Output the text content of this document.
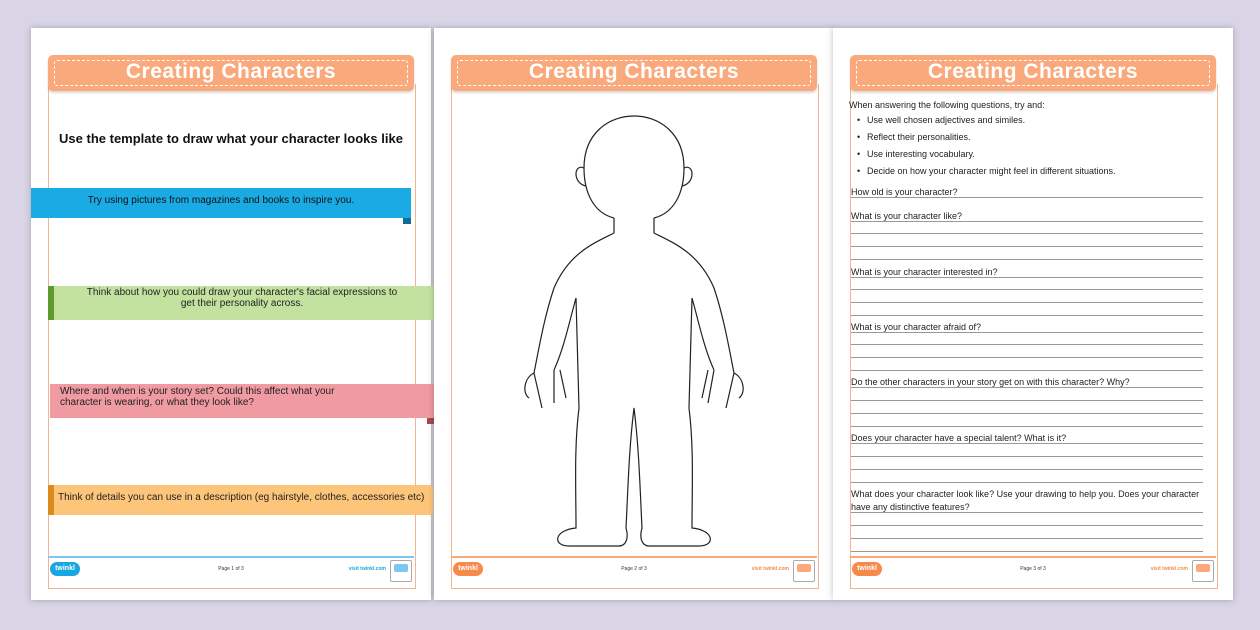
Creating Characters
Use the template to draw what your character looks like
Try using pictures from magazines and books to inspire you.
Think about how you could draw your character's facial expressions to get their personality across.
Where and when is your story set? Could this affect what your character is wearing, or what they look like?
Think of details you can use in a description (eg hairstyle, clothes, accessories etc)
twinkl	Page 1 of 3	visit twinkl.com
Creating Characters
twinkl	Page 2 of 3	visit twinkl.com
Creating Characters
When answering the following questions, try and:
• Use well chosen adjectives and similes.
• Reflect their personalities.
• Use interesting vocabulary.
• Decide on how your character might feel in different situations.
How old is your character?
What is your character like?
What is your character interested in?
What is your character afraid of?
Do the other characters in your story get on with this character? Why?
Does your character have a special talent? What is it?
What does your character look like? Use your drawing to help you. Does your character have any distinctive features?
twinkl	Page 3 of 3	visit twinkl.com
